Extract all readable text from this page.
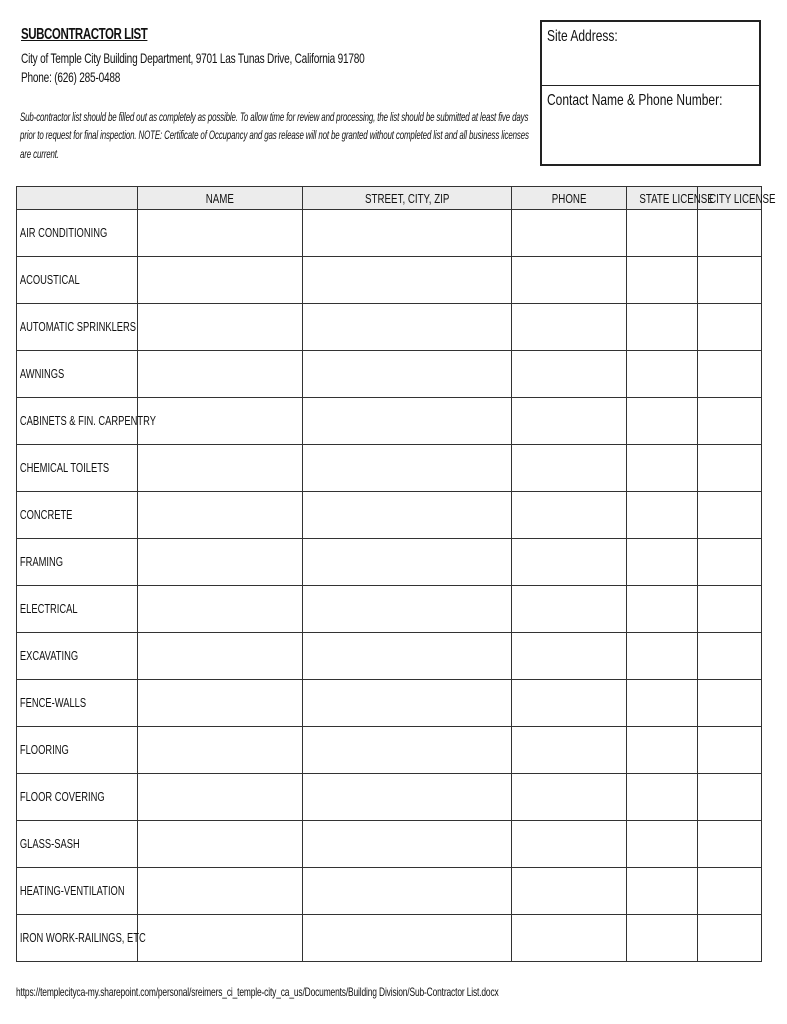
SUBCONTRACTOR LIST
City of Temple City Building Department, 9701 Las Tunas Drive, California 91780
Phone: (626) 285-0488
Sub-contractor list should be filled out as completely as possible. To allow time for review and processing, the list should be submitted at least five days
prior to request for final inspection. NOTE: Certificate of Occupancy and gas release will not be granted without completed list and all business licenses
are current.
Site Address:
Contact Name & Phone Number:
	NAME	STREET, CITY, ZIP	PHONE	STATE LICENSE	CITY LICENSE
AIR CONDITIONING					
ACOUSTICAL					
AUTOMATIC SPRINKLERS					
AWNINGS					
CABINETS & FIN. CARPENTRY					
CHEMICAL TOILETS					
CONCRETE					
FRAMING					
ELECTRICAL					
EXCAVATING					
FENCE-WALLS					
FLOORING					
FLOOR COVERING					
GLASS-SASH					
HEATING-VENTILATION					
IRON WORK-RAILINGS, ETC					
https://templecityca-my.sharepoint.com/personal/sreimers_ci_temple-city_ca_us/Documents/Building Division/Sub-Contractor List.docx
